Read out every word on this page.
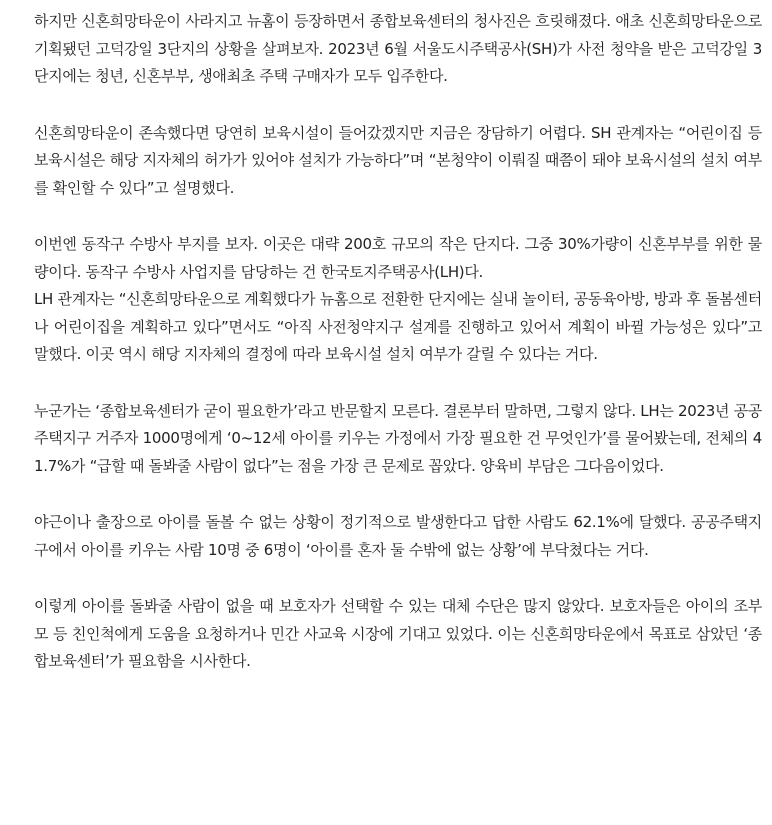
하지만 신혼희망타운이 사라지고 뉴홈이 등장하면서 종합보육센터의 청사진은 흐릿해졌다. 애초 신혼희망타운으로 기획됐던 고덕강일 3단지의 상황을 살펴보자. 2023년 6월 서울도시주택공사(SH)가 사전 청약을 받은 고덕강일 3단지에는 청년, 신혼부부, 생애최초 주택 구매자가 모두 입주한다.

신혼희망타운이 존속했다면 당연히 보육시설이 들어갔겠지만 지금은 장담하기 어렵다. SH 관계자는 “어린이집 등 보육시설은 해당 지자체의 허가가 있어야 설치가 가능하다”며 “본청약이 이뤄질 때쯤이 돼야 보육시설의 설치 여부를 확인할 수 있다”고 설명했다.

이번엔 동작구 수방사 부지를 보자. 이곳은 대략 200호 규모의 작은 단지다. 그중 30%가량이 신혼부부를 위한 물량이다. 동작구 수방사 사업지를 담당하는 건 한국토지주택공사(LH)다.

LH 관계자는 “신혼희망타운으로 계획했다가 뉴홈으로 전환한 단지에는 실내 놀이터, 공동육아방, 방과 후 돌봄센터나 어린이집을 계획하고 있다”면서도 “아직 사전청약지구 설계를 진행하고 있어서 계획이 바뀔 가능성은 있다”고 말했다. 이곳 역시 해당 지자체의 결정에 따라 보육시설 설치 여부가 갈릴 수 있다는 거다.

누군가는 ‘종합보육센터가 굳이 필요한가’라고 반문할지 모른다. 결론부터 말하면, 그렇지 않다. LH는 2023년 공공주택지구 거주자 1000명에게 ‘0~12세 아이를 키우는 가정에서 가장 필요한 건 무엇인가’를 물어봤는데, 전체의 41.7%가 “급할 때 돌봐줄 사람이 없다”는 점을 가장 큰 문제로 꼽았다. 양육비 부담은 그다음이었다.

야근이나 출장으로 아이를 돌볼 수 없는 상황이 정기적으로 발생한다고 답한 사람도 62.1%에 달했다. 공공주택지구에서 아이를 키우는 사람 10명 중 6명이 ‘아이를 혼자 둘 수밖에 없는 상황’에 부닥쳤다는 거다.

이렇게 아이를 돌봐줄 사람이 없을 때 보호자가 선택할 수 있는 대체 수단은 많지 않았다. 보호자들은 아이의 조부모 등 친인척에게 도움을 요청하거나 민간 사교육 시장에 기대고 있었다. 이는 신혼희망타운에서 목표로 삼았던 ‘종합보육센터’가 필요함을 시사한다.
